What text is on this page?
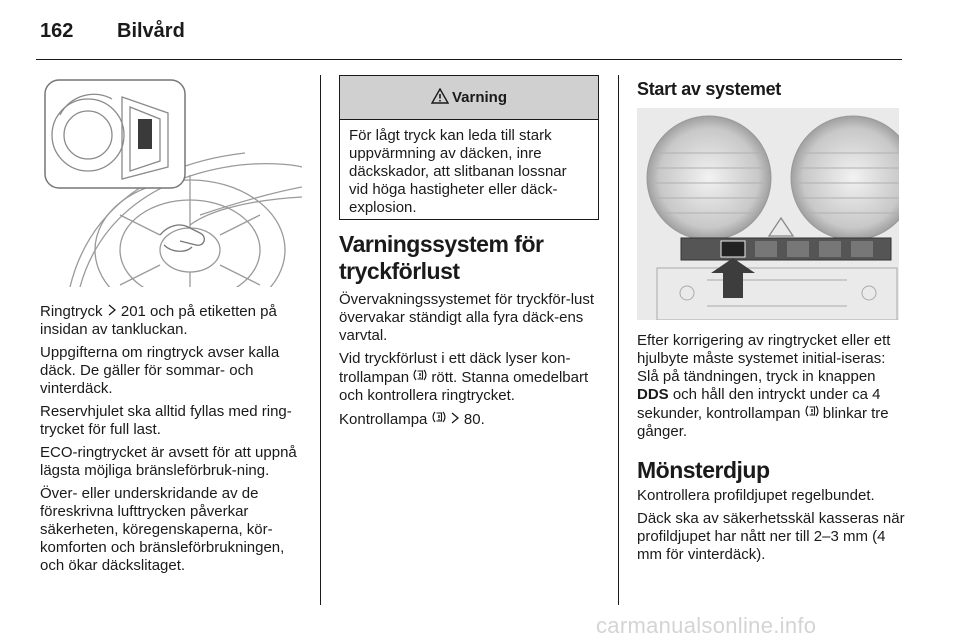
162 Bilvård

Ringtryck  201 och på etiketten på insidan av tankluckan.

Uppgifterna om ringtryck avser kalla däck. De gäller för sommar- och vinterdäck.

Reservhjulet ska alltid fyllas med ring-trycket för full last.

ECO-ringtrycket är avsett för att uppnå lägsta möjliga bränsleförbruk-ning.

Över- eller underskridande av de föreskrivna lufttrycken påverkar säkerheten, köregenskaperna, kör-komforten och bränsleförbrukningen, och ökar däckslitaget.

Varning
För lågt tryck kan leda till stark uppvärmning av däcken, inre däckskador, att slitbanan lossnar vid höga hastigheter eller däck-explosion.
Varningssystem för tryckförlust

Övervakningssystemet för tryckför-lust övervakar ständigt alla fyra däck-ens varvtal.

Vid tryckförlust i ett däck lyser kon-trollampan  rött. Stanna omedelbart och kontrollera ringtrycket.

Kontrollampa   80.

Start av systemet

Efter korrigering av ringtrycket eller ett hjulbyte måste systemet initial-iseras: Slå på tändningen, tryck in knappen DDS och håll den intryckt under ca 4 sekunder, kontrollampan  blinkar tre gånger.

Mönsterdjup

Kontrollera profildjupet regelbundet.

Däck ska av säkerhetsskäl kasseras när profildjupet har nått ner till 2–3 mm (4 mm för vinterdäck).

carmanualsonline.info
